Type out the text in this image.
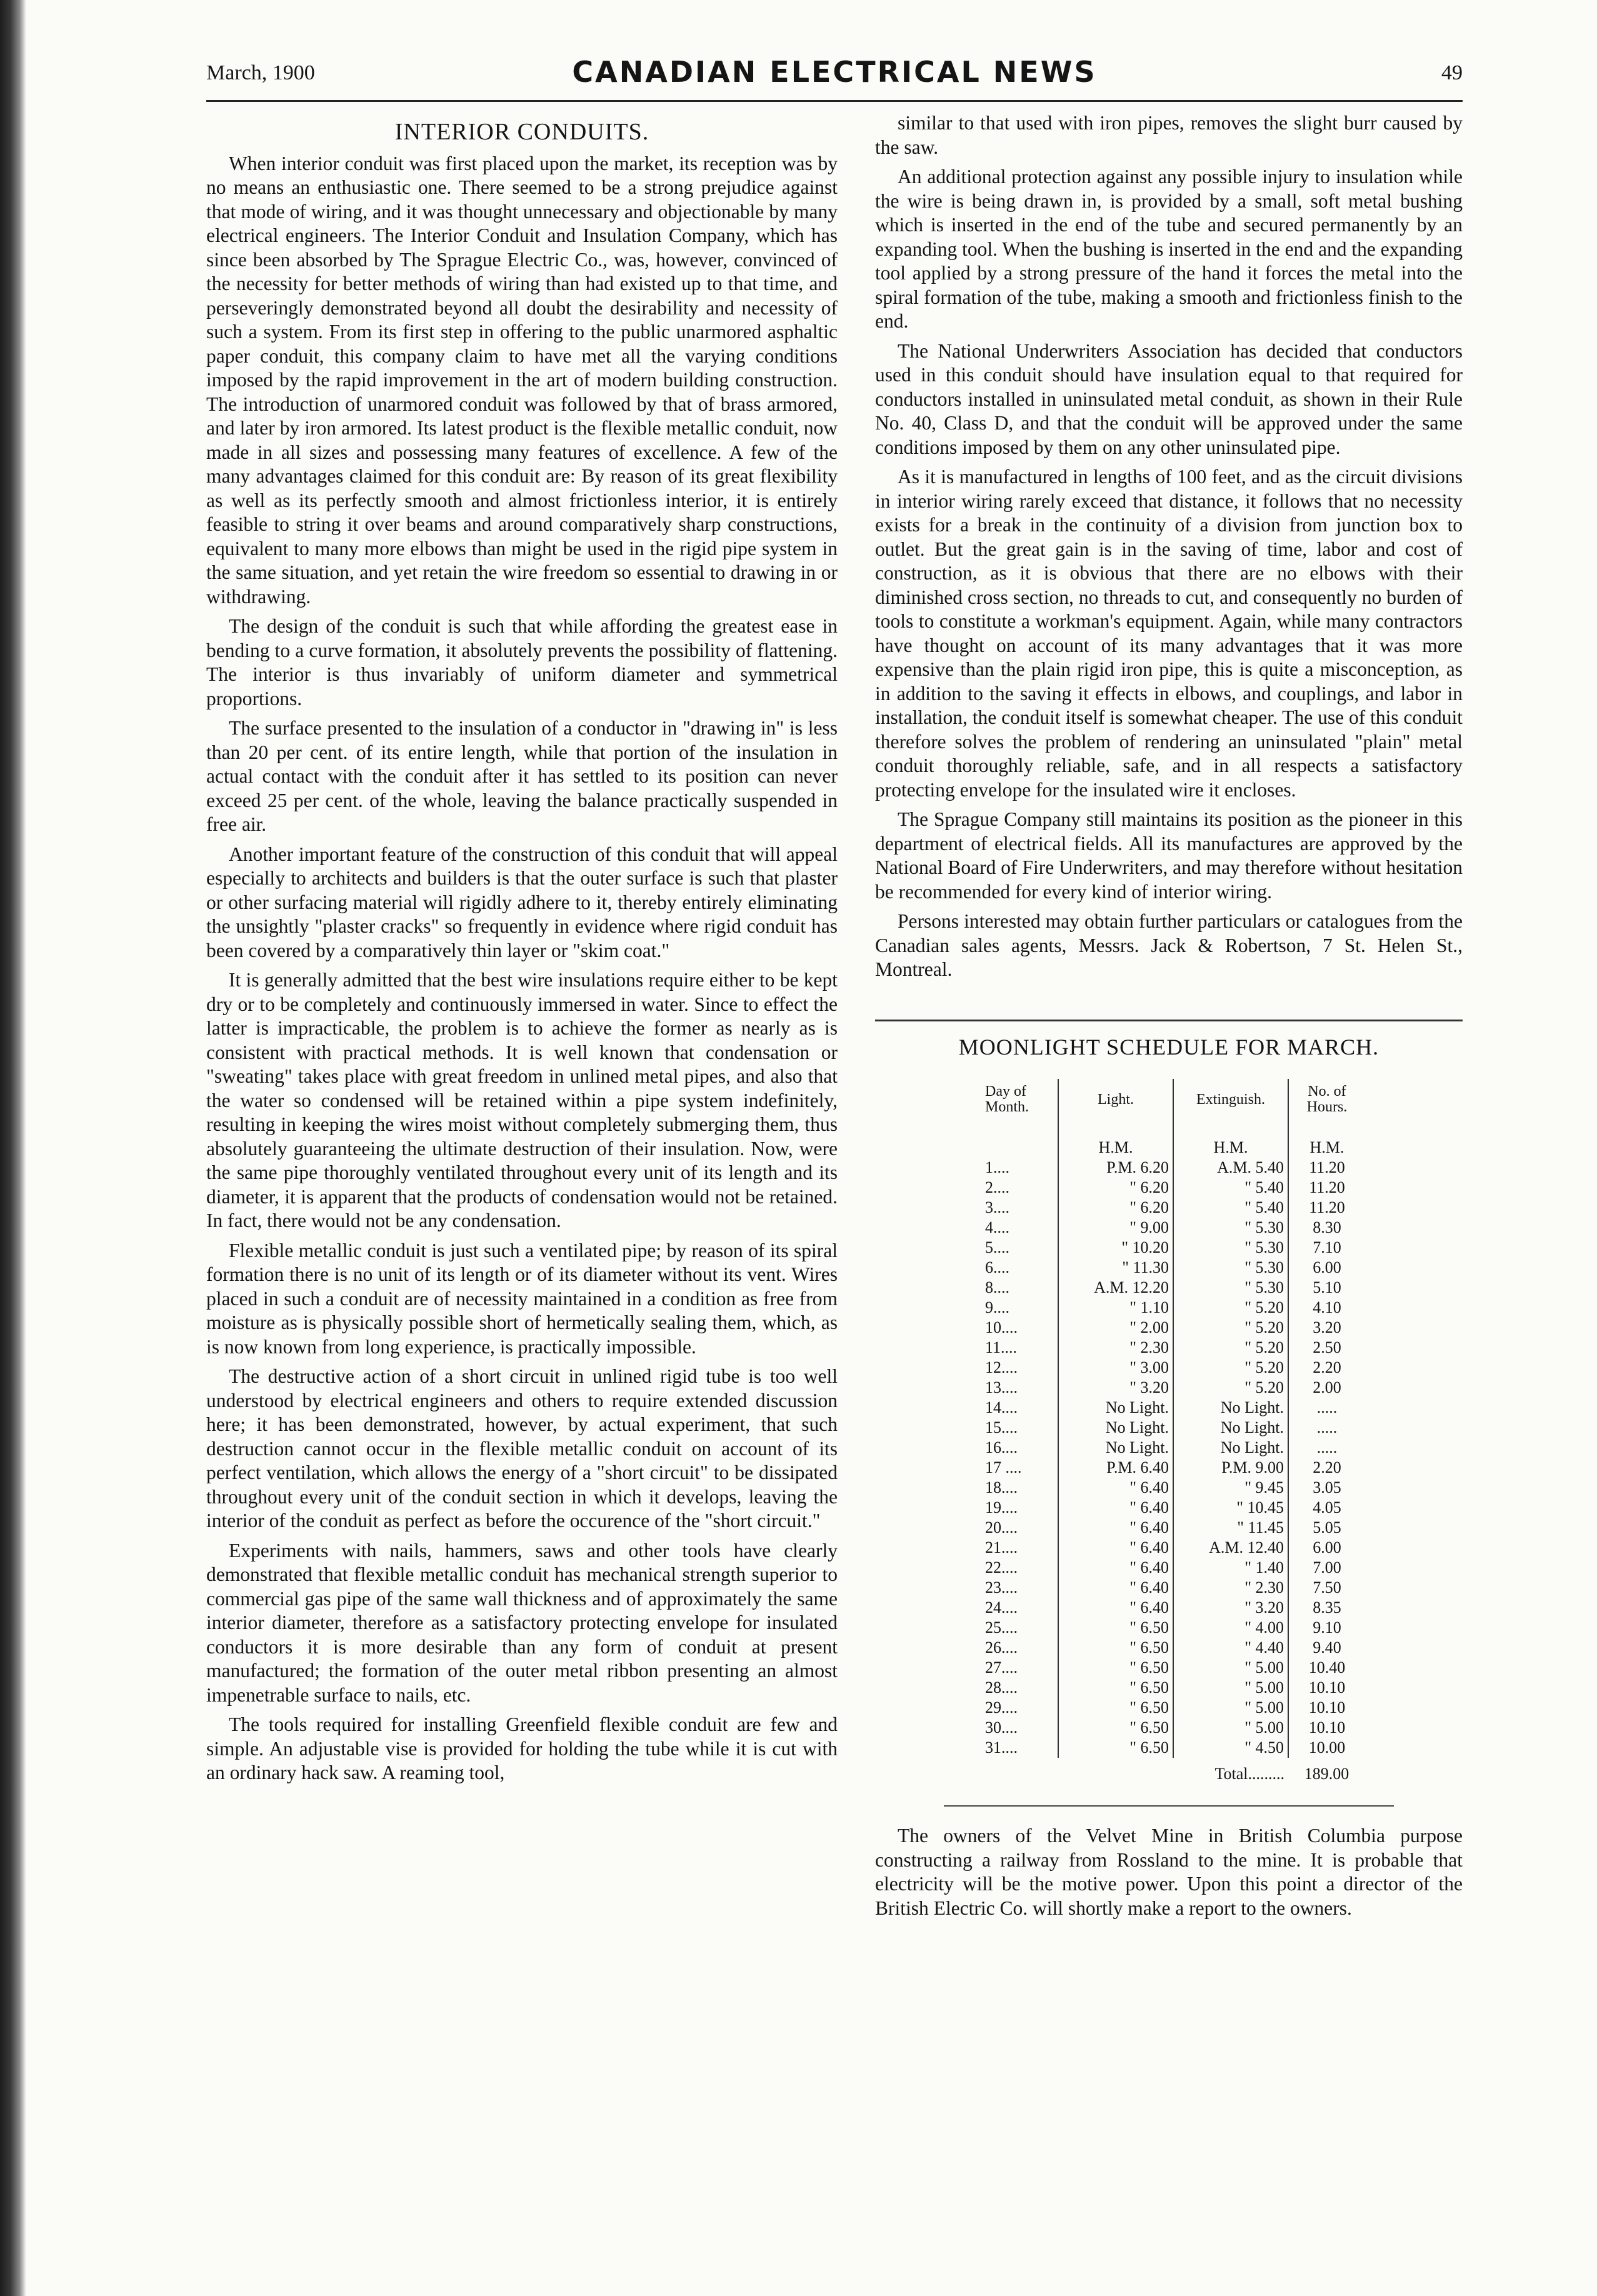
March, 1900	CANADIAN ELECTRICAL NEWS	49
INTERIOR CONDUITS.

When interior conduit was first placed upon the market, its reception was by no means an enthusiastic one. There seemed to be a strong prejudice against that mode of wiring, and it was thought unnecessary and objectionable by many electrical engineers. The Interior Conduit and Insulation Company, which has since been absorbed by The Sprague Electric Co., was, however, convinced of the necessity for better methods of wiring than had existed up to that time, and perseveringly demonstrated beyond all doubt the desirability and necessity of such a system. From its first step in offering to the public unarmored asphaltic paper conduit, this company claim to have met all the varying conditions imposed by the rapid improvement in the art of modern building construction. The introduction of unarmored conduit was followed by that of brass armored, and later by iron armored. Its latest product is the flexible metallic conduit, now made in all sizes and possessing many features of excellence. A few of the many advantages claimed for this conduit are: By reason of its great flexibility as well as its perfectly smooth and almost frictionless interior, it is entirely feasible to string it over beams and around comparatively sharp constructions, equivalent to many more elbows than might be used in the rigid pipe system in the same situation, and yet retain the wire freedom so essential to drawing in or withdrawing.

The design of the conduit is such that while affording the greatest ease in bending to a curve formation, it absolutely prevents the possibility of flattening. The interior is thus invariably of uniform diameter and symmetrical proportions.

The surface presented to the insulation of a conductor in "drawing in" is less than 20 per cent. of its entire length, while that portion of the insulation in actual contact with the conduit after it has settled to its position can never exceed 25 per cent. of the whole, leaving the balance practically suspended in free air.

Another important feature of the construction of this conduit that will appeal especially to architects and builders is that the outer surface is such that plaster or other surfacing material will rigidly adhere to it, thereby entirely eliminating the unsightly "plaster cracks" so frequently in evidence where rigid conduit has been covered by a comparatively thin layer or "skim coat."

It is generally admitted that the best wire insulations require either to be kept dry or to be completely and continuously immersed in water. Since to effect the latter is impracticable, the problem is to achieve the former as nearly as is consistent with practical methods. It is well known that condensation or "sweating" takes place with great freedom in unlined metal pipes, and also that the water so condensed will be retained within a pipe system indefinitely, resulting in keeping the wires moist without completely submerging them, thus absolutely guaranteeing the ultimate destruction of their insulation. Now, were the same pipe thoroughly ventilated throughout every unit of its length and its diameter, it is apparent that the products of condensation would not be retained. In fact, there would not be any condensation.

Flexible metallic conduit is just such a ventilated pipe; by reason of its spiral formation there is no unit of its length or of its diameter without its vent. Wires placed in such a conduit are of necessity maintained in a condition as free from moisture as is physically possible short of hermetically sealing them, which, as is now known from long experience, is practically impossible.

The destructive action of a short circuit in unlined rigid tube is too well understood by electrical engineers and others to require extended discussion here; it has been demonstrated, however, by actual experiment, that such destruction cannot occur in the flexible metallic conduit on account of its perfect ventilation, which allows the energy of a "short circuit" to be dissipated throughout every unit of the conduit section in which it develops, leaving the interior of the conduit as perfect as before the occurence of the "short circuit."

Experiments with nails, hammers, saws and other tools have clearly demonstrated that flexible metallic conduit has mechanical strength superior to commercial gas pipe of the same wall thickness and of approximately the same interior diameter, therefore as a satisfactory protecting envelope for insulated conductors it is more desirable than any form of conduit at present manufactured; the formation of the outer metal ribbon presenting an almost impenetrable surface to nails, etc.

The tools required for installing Greenfield flexible conduit are few and simple. An adjustable vise is provided for holding the tube while it is cut with an ordinary hack saw. A reaming tool,

similar to that used with iron pipes, removes the slight burr caused by the saw.

An additional protection against any possible injury to insulation while the wire is being drawn in, is provided by a small, soft metal bushing which is inserted in the end of the tube and secured permanently by an expanding tool. When the bushing is inserted in the end and the expanding tool applied by a strong pressure of the hand it forces the metal into the spiral formation of the tube, making a smooth and frictionless finish to the end.

The National Underwriters Association has decided that conductors used in this conduit should have insulation equal to that required for conductors installed in uninsulated metal conduit, as shown in their Rule No. 40, Class D, and that the conduit will be approved under the same conditions imposed by them on any other uninsulated pipe.

As it is manufactured in lengths of 100 feet, and as the circuit divisions in interior wiring rarely exceed that distance, it follows that no necessity exists for a break in the continuity of a division from junction box to outlet. But the great gain is in the saving of time, labor and cost of construction, as it is obvious that there are no elbows with their diminished cross section, no threads to cut, and consequently no burden of tools to constitute a workman's equipment. Again, while many contractors have thought on account of its many advantages that it was more expensive than the plain rigid iron pipe, this is quite a misconception, as in addition to the saving it effects in elbows, and couplings, and labor in installation, the conduit itself is somewhat cheaper. The use of this conduit therefore solves the problem of rendering an uninsulated "plain" metal conduit thoroughly reliable, safe, and in all respects a satisfactory protecting envelope for the insulated wire it encloses.

The Sprague Company still maintains its position as the pioneer in this department of electrical fields. All its manufactures are approved by the National Board of Fire Underwriters, and may therefore without hesitation be recommended for every kind of interior wiring.

Persons interested may obtain further particulars or catalogues from the Canadian sales agents, Messrs. Jack & Robertson, 7 St. Helen St., Montreal.

MOONLIGHT SCHEDULE FOR MARCH.
Day of Month.	Light.	Extinguish.	No. of Hours.
	H.M.	H.M.	H.M.
1....	P.M. 6.20	A.M. 5.40	11.20
2....	" 6.20	" 5.40	11.20
3....	" 6.20	" 5.40	11.20
4....	" 9.00	" 5.30	8.30
5....	" 10.20	" 5.30	7.10
6....	" 11.30	" 5.30	6.00
8....	A.M. 12.20	" 5.30	5.10
9....	" 1.10	" 5.20	4.10
10....	" 2.00	" 5.20	3.20
11....	" 2.30	" 5.20	2.50
12....	" 3.00	" 5.20	2.20
13....	" 3.20	" 5.20	2.00
14....	No Light.	No Light.	.....
15....	No Light.	No Light.	.....
16....	No Light.	No Light.	.....
17 ....	P.M. 6.40	P.M. 9.00	2.20
18....	" 6.40	" 9.45	3.05
19....	" 6.40	" 10.45	4.05
20....	" 6.40	" 11.45	5.05
21....	" 6.40	A.M. 12.40	6.00
22....	" 6.40	" 1.40	7.00
23....	" 6.40	" 2.30	7.50
24....	" 6.40	" 3.20	8.35
25....	" 6.50	" 4.00	9.10
26....	" 6.50	" 4.40	9.40
27....	" 6.50	" 5.00	10.40
28....	" 6.50	" 5.00	10.10
29....	" 6.50	" 5.00	10.10
30....	" 6.50	" 5.00	10.10
31....	" 6.50	" 4.50	10.00
Total.........			189.00

The owners of the Velvet Mine in British Columbia purpose constructing a railway from Rossland to the mine. It is probable that electricity will be the motive power. Upon this point a director of the British Electric Co. will shortly make a report to the owners.
